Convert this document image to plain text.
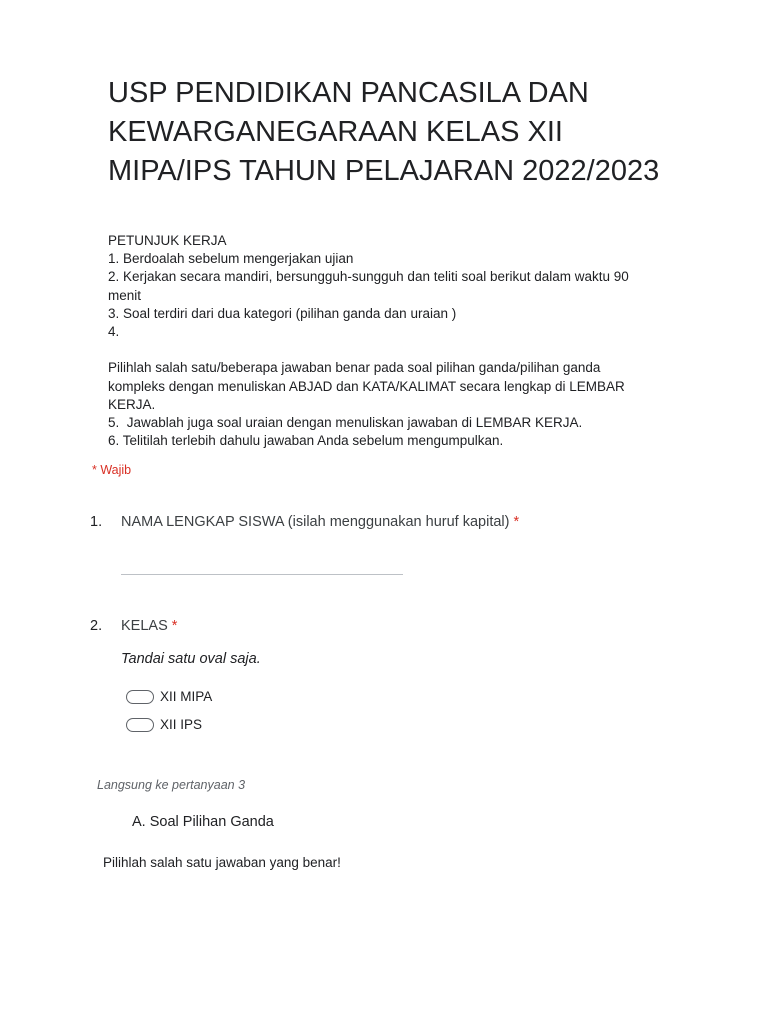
USP PENDIDIKAN PANCASILA DAN KEWARGANEGARAAN KELAS XII MIPA/IPS TAHUN PELAJARAN 2022/2023
PETUNJUK KERJA
1. Berdoalah sebelum mengerjakan ujian
2. Kerjakan secara mandiri, bersungguh-sungguh dan teliti soal berikut dalam waktu 90
menit
3. Soal terdiri dari dua kategori (pilihan ganda dan uraian )
4.
Pilihlah salah satu/beberapa jawaban benar pada soal pilihan ganda/pilihan ganda
kompleks dengan menuliskan ABJAD dan KATA/KALIMAT secara lengkap di LEMBAR
KERJA.
5.  Jawablah juga soal uraian dengan menuliskan jawaban di LEMBAR KERJA.
6. Telitilah terlebih dahulu jawaban Anda sebelum mengumpulkan.
* Wajib
1. NAMA LENGKAP SISWA (isilah menggunakan huruf kapital) *
2. KELAS *
Tandai satu oval saja.
XII MIPA
XII IPS
Langsung ke pertanyaan 3
A. Soal Pilihan Ganda
Pilihlah salah satu jawaban yang benar!
